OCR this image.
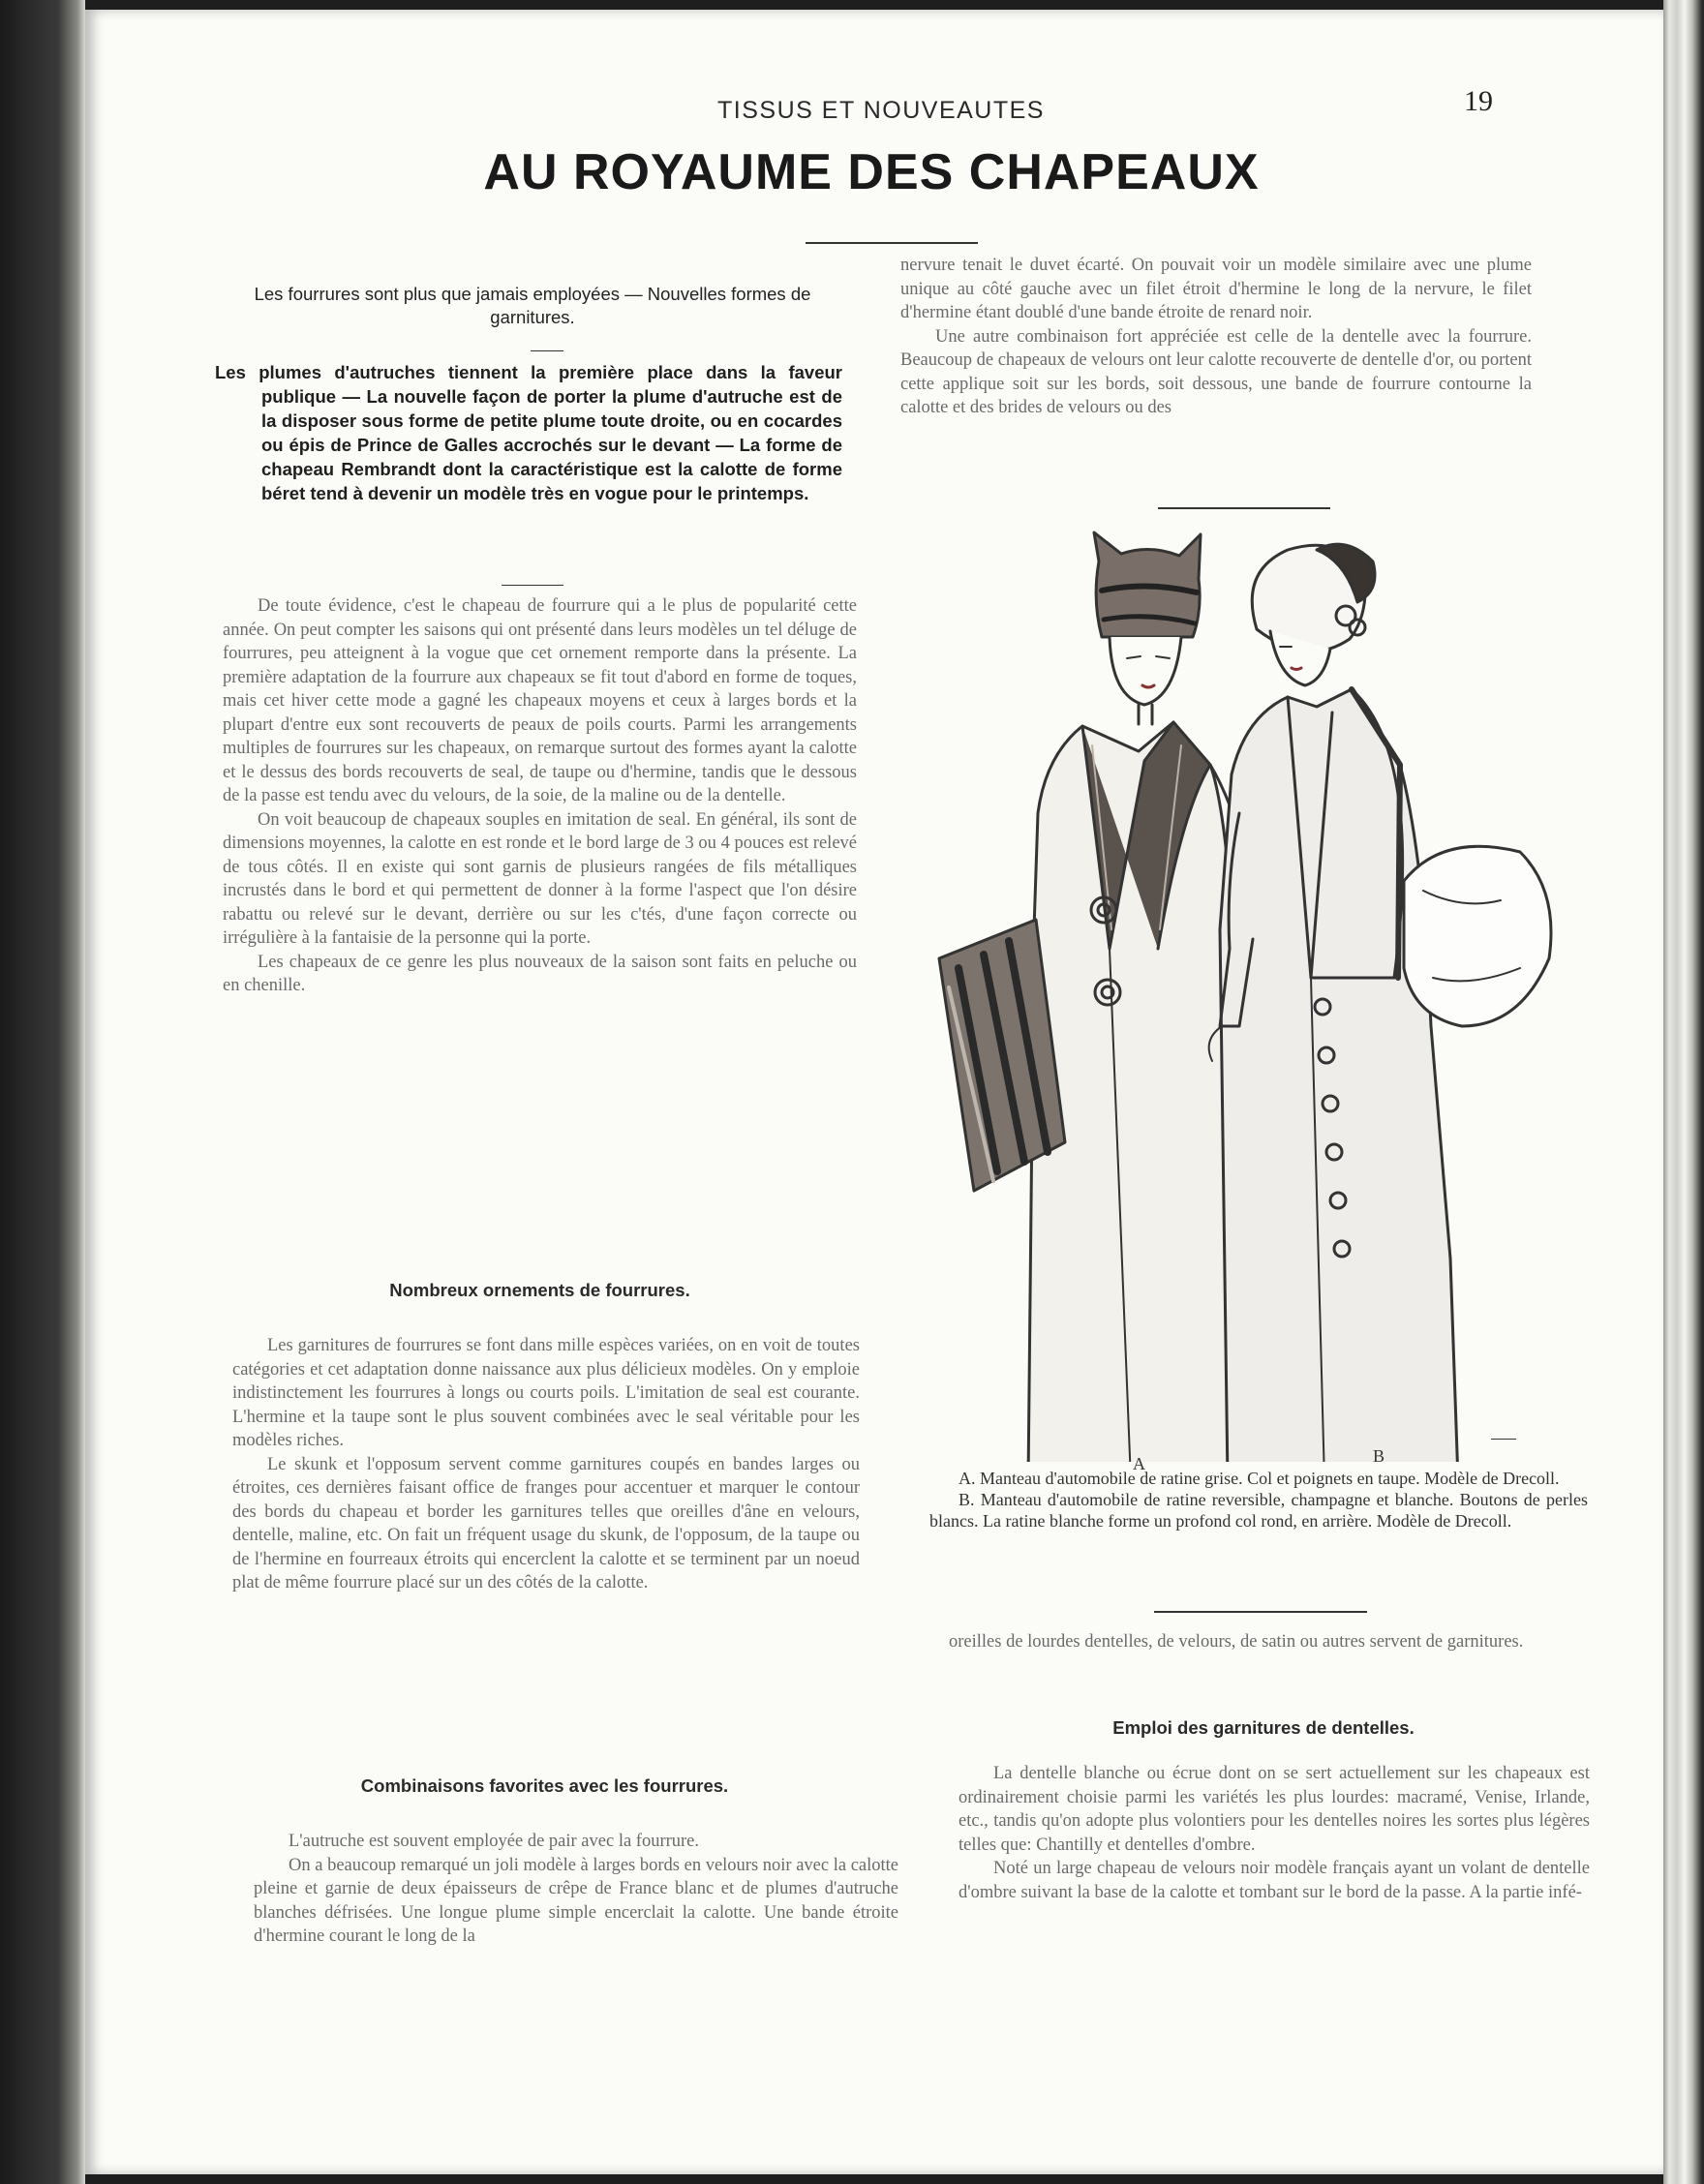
TISSUS ET NOUVEAUTES	19
AU ROYAUME DES CHAPEAUX
Les fourrures sont plus que jamais employées — Nouvelles formes de garnitures.
Les plumes d'autruches tiennent la première place dans la faveur publique — La nouvelle façon de porter la plume d'autruche est de la disposer sous forme de petite plume toute droite, ou en cocardes ou épis de Prince de Galles accrochés sur le devant — La forme de chapeau Rembrandt dont la caractéristique est la calotte de forme béret tend à devenir un modèle très en vogue pour le printemps.

De toute évidence, c'est le chapeau de fourrure qui a le plus de popularité cette année. On peut compter les saisons qui ont présenté dans leurs modèles un tel déluge de fourrures, peu atteignent à la vogue que cet ornement remporte dans la présente. La première adaptation de la fourrure aux chapeaux se fit tout d'abord en forme de toques, mais cet hiver cette mode a gagné les chapeaux moyens et ceux à larges bords et la plupart d'entre eux sont recouverts de peaux de poils courts. Parmi les arrangements multiples de fourrures sur les chapeaux, on remarque surtout des formes ayant la calotte et le dessus des bords recouverts de seal, de taupe ou d'hermine, tandis que le dessous de la passe est tendu avec du velours, de la soie, de la maline ou de la dentelle.

On voit beaucoup de chapeaux souples en imitation de seal. En général, ils sont de dimensions moyennes, la calotte en est ronde et le bord large de 3 ou 4 pouces est relevé de tous côtés. Il en existe qui sont garnis de plusieurs rangées de fils métalliques incrustés dans le bord et qui permettent de donner à la forme l'aspect que l'on désire rabattu ou relevé sur le devant, derrière ou sur les c'tés, d'une façon correcte ou irrégulière à la fantaisie de la personne qui la porte.

Les chapeaux de ce genre les plus nouveaux de la saison sont faits en peluche ou en chenille.

Nombreux ornements de fourrures.

Les garnitures de fourrures se font dans mille espèces variées, on en voit de toutes catégories et cet adaptation donne naissance aux plus délicieux modèles. On y emploie indistinctement les fourrures à longs ou courts poils. L'imitation de seal est courante. L'hermine et la taupe sont le plus souvent combinées avec le seal véritable pour les modèles riches.

Le skunk et l'opposum servent comme garnitures coupés en bandes larges ou étroites, ces dernières faisant office de franges pour accentuer et marquer le contour des bords du chapeau et border les garnitures telles que oreilles d'âne en velours, dentelle, maline, etc. On fait un fréquent usage du skunk, de l'opposum, de la taupe ou de l'hermine en fourreaux étroits qui encerclent la calotte et se terminent par un noeud plat de même fourrure placé sur un des côtés de la calotte.

Combinaisons favorites avec les fourrures.

L'autruche est souvent employée de pair avec la fourrure.

On a beaucoup remarqué un joli modèle à larges bords en velours noir avec la calotte pleine et garnie de deux épaisseurs de crêpe de France blanc et de plumes d'autruche blanches défrisées. Une longue plume simple encerclait la calotte. Une bande étroite d'hermine courant le long de la

nervure tenait le duvet écarté. On pouvait voir un modèle similaire avec une plume unique au côté gauche avec un filet étroit d'hermine le long de la nervure, le filet d'hermine étant doublé d'une bande étroite de renard noir.

Une autre combinaison fort appréciée est celle de la dentelle avec la fourrure. Beaucoup de chapeaux de velours ont leur calotte recouverte de dentelle d'or, ou portent cette applique soit sur les bords, soit dessous, une bande de fourrure contourne la calotte et des brides de velours ou des

A	B

A. Manteau d'automobile de ratine grise. Col et poignets en taupe. Modèle de Drecoll.

B. Manteau d'automobile de ratine reversible, champagne et blanche. Boutons de perles blancs. La ratine blanche forme un profond col rond, en arrière. Modèle de Drecoll.

oreilles de lourdes dentelles, de velours, de satin ou autres servent de garnitures.

Emploi des garnitures de dentelles.

La dentelle blanche ou écrue dont on se sert actuellement sur les chapeaux est ordinairement choisie parmi les variétés les plus lourdes: macramé, Venise, Irlande, etc., tandis qu'on adopte plus volontiers pour les dentelles noires les sortes plus légères telles que: Chantilly et dentelles d'ombre.

Noté un large chapeau de velours noir modèle français ayant un volant de dentelle d'ombre suivant la base de la calotte et tombant sur le bord de la passe. A la partie infé-
